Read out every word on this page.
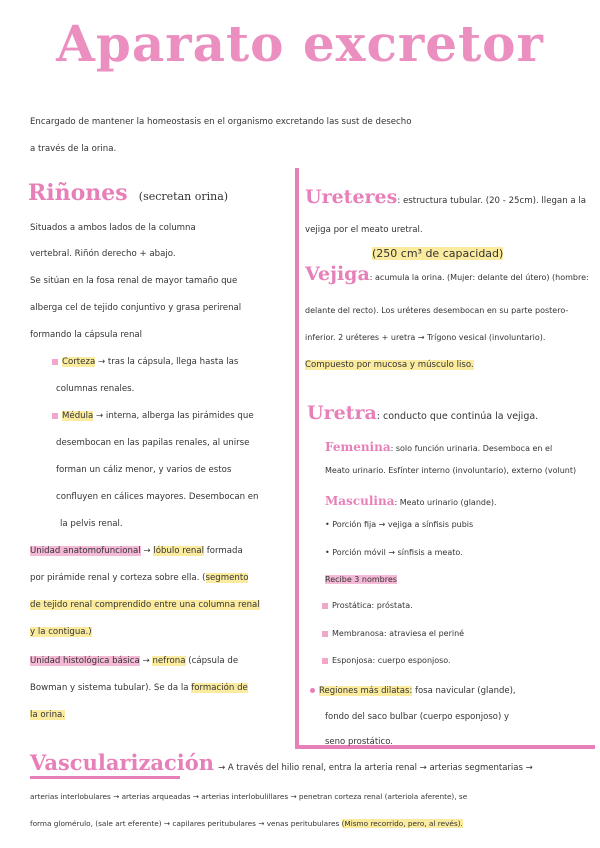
Aparato excretor
Encargado de mantener la homeostasis en el organismo excretando las sust de desecho
a través de la orina.
Riñones (secretan orina)
Situados a ambos lados de la columna
vertebral. Riñón derecho + abajo.
Se sitúan en la fosa renal de mayor tamaño que
alberga cel de tejido conjuntivo y grasa perirenal
formando la cápsula renal
Corteza → tras la cápsula, llega hasta las
columnas renales.
Médula → interna, alberga las pirámides que
desembocan en las papilas renales, al unirse
forman un cáliz menor, y varios de estos
confluyen en cálices mayores. Desembocan en
la pelvis renal.
Unidad anatomofuncional → lóbulo renal formada
por pirámide renal y corteza sobre ella. (segmento
de tejido renal comprendido entre una columna renal
y la contigua.)
Unidad histológica básica → nefrona (cápsula de
Bowman y sistema tubular). Se da la formación de
la orina.
Ureteres: estructura tubular. (20 - 25cm). llegan a la
vejiga por el meato uretral.
(250 cm³ de capacidad)
Vejiga: acumula la orina. (Mujer: delante del útero) (hombre:
delante del recto). Los uréteres desembocan en su parte postero-
inferior. 2 uréteres + uretra → Trígono vesical (involuntario).
Compuesto por mucosa y músculo liso.
Uretra: conducto que continúa la vejiga.
Femenina: solo función urinaria. Desemboca en el
Meato urinario. Esfínter interno (involuntario), externo (volunt)
Masculina: Meato urinario (glande).
• Porción fija → vejiga a sínfisis pubis
• Porción móvil → sínfisis a meato.
Recibe 3 nombres
Prostática: próstata.
Membranosa: atraviesa el periné
Esponjosa: cuerpo esponjoso.
Regiones más dilatas: fosa navicular (glande),
fondo del saco bulbar (cuerpo esponjoso) y
seno prostático.
Vascularización → A través del hilio renal, entra la arteria renal → arterias segmentarias →
arterias interlobulares → arterias arqueadas → arterias interlobulillares → penetran corteza renal (arteriola aferente), se
forma glomérulo, (sale art eferente) → capilares peritubulares → venas peritubulares (Mismo recorrido, pero, al revés).
